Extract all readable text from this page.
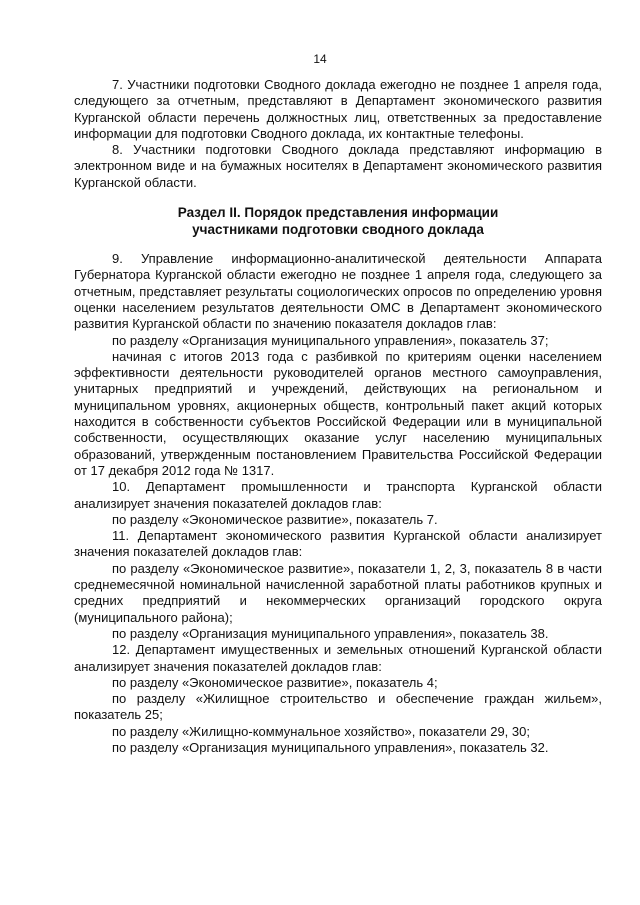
14

7. Участники подготовки Сводного доклада ежегодно не позднее 1 апреля года, следующего за отчетным, представляют в Департамент экономического развития Курганской области перечень должностных лиц, ответственных за предоставление информации для подготовки Сводного доклада, их контактные телефоны.

8. Участники подготовки Сводного доклада представляют информацию в электронном виде и на бумажных носителях в Департамент экономического развития Курганской области.

Раздел II. Порядок представления информации
участниками подготовки сводного доклада

9. Управление информационно-аналитической деятельности Аппарата Губернатора Курганской области ежегодно не позднее 1 апреля года, следующего за отчетным, представляет результаты социологических опросов по определению уровня оценки населением результатов деятельности ОМС в Департамент экономического развития Курганской области по значению показателя докладов глав:

по разделу «Организация муниципального управления», показатель 37;

начиная с итогов 2013 года с разбивкой по критериям оценки населением эффективности деятельности руководителей органов местного самоуправления, унитарных предприятий и учреждений, действующих на региональном и муниципальном уровнях, акционерных обществ, контрольный пакет акций которых находится в собственности субъектов Российской Федерации или в муниципальной собственности, осуществляющих оказание услуг населению муниципальных образований, утвержденным постановлением Правительства Российской Федерации от 17 декабря 2012 года № 1317.

10. Департамент промышленности и транспорта Курганской области анализирует значения показателей докладов глав:

по разделу «Экономическое развитие», показатель 7.

11. Департамент экономического развития Курганской области анализирует значения показателей докладов глав:

по разделу «Экономическое развитие», показатели 1, 2, 3, показатель 8 в части среднемесячной номинальной начисленной заработной платы работников крупных и средних предприятий и некоммерческих организаций городского округа (муниципального района);

по разделу «Организация муниципального управления», показатель 38.

12. Департамент имущественных и земельных отношений Курганской области анализирует значения показателей докладов глав:

по разделу «Экономическое развитие», показатель 4;

по разделу «Жилищное строительство и обеспечение граждан жильем», показатель 25;

по разделу «Жилищно-коммунальное хозяйство», показатели 29, 30;

по разделу «Организация муниципального управления», показатель 32.
